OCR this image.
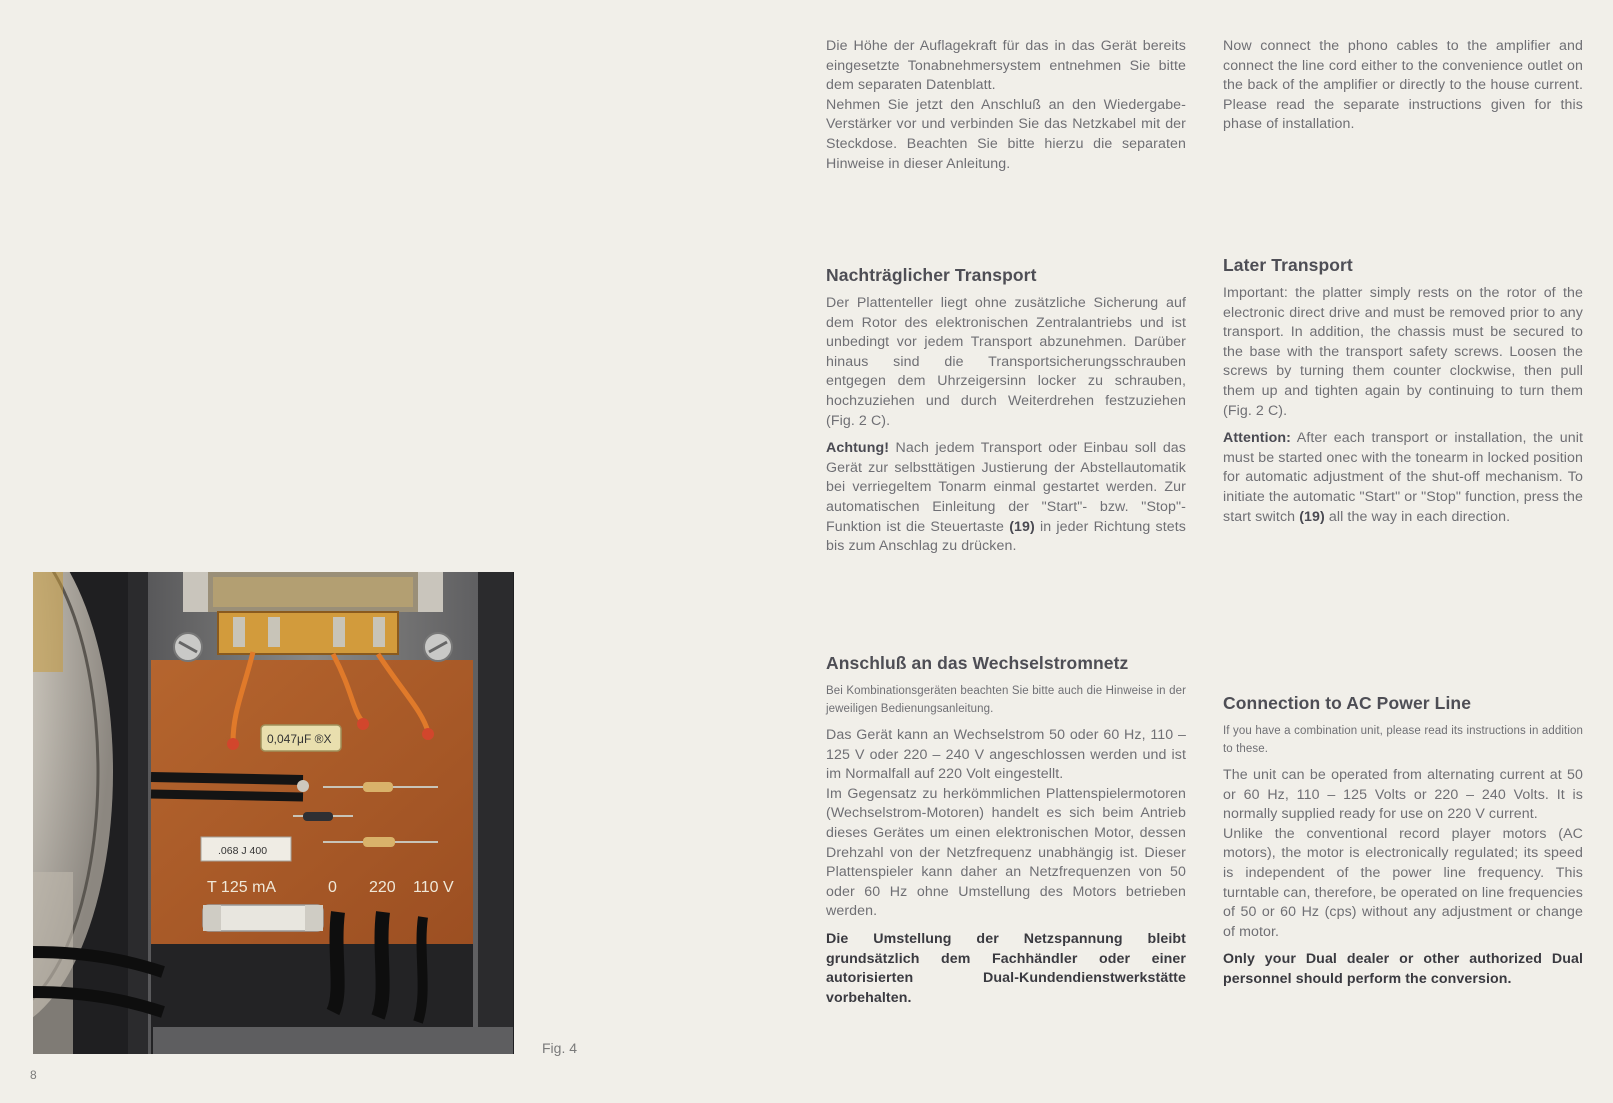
0,047μF ®X
.068 J 400
T 125 mA	0 220 110 V
Fig. 4
8

Die Höhe der Auflagekraft für das in das Gerät bereits eingesetzte Tonabnehmersystem entnehmen Sie bitte dem separaten Datenblatt.

Nehmen Sie jetzt den Anschluß an den Wiedergabe-Verstärker vor und verbinden Sie das Netzkabel mit der Steckdose. Beachten Sie bitte hierzu die separaten Hinweise in dieser Anleitung.

Nachträglicher Transport

Der Plattenteller liegt ohne zusätzliche Sicherung auf dem Rotor des elektronischen Zentralantriebs und ist unbedingt vor jedem Transport abzunehmen. Darüber hinaus sind die Transportsicherungsschrauben entgegen dem Uhrzeigersinn locker zu schrauben, hochzuziehen und durch Weiterdrehen festzuziehen (Fig. 2 C).

Achtung! Nach jedem Transport oder Einbau soll das Gerät zur selbsttätigen Justierung der Abstellautomatik bei verriegeltem Tonarm einmal gestartet werden. Zur automatischen Einleitung der "Start"- bzw. "Stop"-Funktion ist die Steuertaste (19) in jeder Richtung stets bis zum Anschlag zu drücken.

Anschluß an das Wechselstromnetz

Bei Kombinationsgeräten beachten Sie bitte auch die Hinweise in der jeweiligen Bedienungsanleitung.

Das Gerät kann an Wechselstrom 50 oder 60 Hz, 110 – 125 V oder 220 – 240 V angeschlossen werden und ist im Normalfall auf 220 Volt eingestellt.

Im Gegensatz zu herkömmlichen Plattenspielermotoren (Wechselstrom-Motoren) handelt es sich beim Antrieb dieses Gerätes um einen elektronischen Motor, dessen Drehzahl von der Netzfrequenz unabhängig ist. Dieser Plattenspieler kann daher an Netzfrequenzen von 50 oder 60 Hz ohne Umstellung des Motors betrieben werden.

Die Umstellung der Netzspannung bleibt grundsätzlich dem Fachhändler oder einer autorisierten Dual-Kundendienstwerkstätte vorbehalten.

Now connect the phono cables to the amplifier and connect the line cord either to the convenience outlet on the back of the amplifier or directly to the house current. Please read the separate instructions given for this phase of installation.

Later Transport

Important: the platter simply rests on the rotor of the electronic direct drive and must be removed prior to any transport. In addition, the chassis must be secured to the base with the transport safety screws. Loosen the screws by turning them counter clockwise, then pull them up and tighten again by continuing to turn them (Fig. 2 C).

Attention: After each transport or installation, the unit must be started onec with the tonearm in locked position for automatic adjustment of the shut-off mechanism. To initiate the automatic "Start" or "Stop" function, press the start switch (19) all the way in each direction.

Connection to AC Power Line

If you have a combination unit, please read its instructions in addition to these.

The unit can be operated from alternating current at 50 or 60 Hz, 110 – 125 Volts or 220 – 240 Volts. It is normally supplied ready for use on 220 V current.

Unlike the conventional record player motors (AC motors), the motor is electronically regulated; its speed is independent of the power line frequency. This turntable can, therefore, be operated on line frequencies of 50 or 60 Hz (cps) without any adjustment or change of motor.

Only your Dual dealer or other authorized Dual personnel should perform the conversion.
